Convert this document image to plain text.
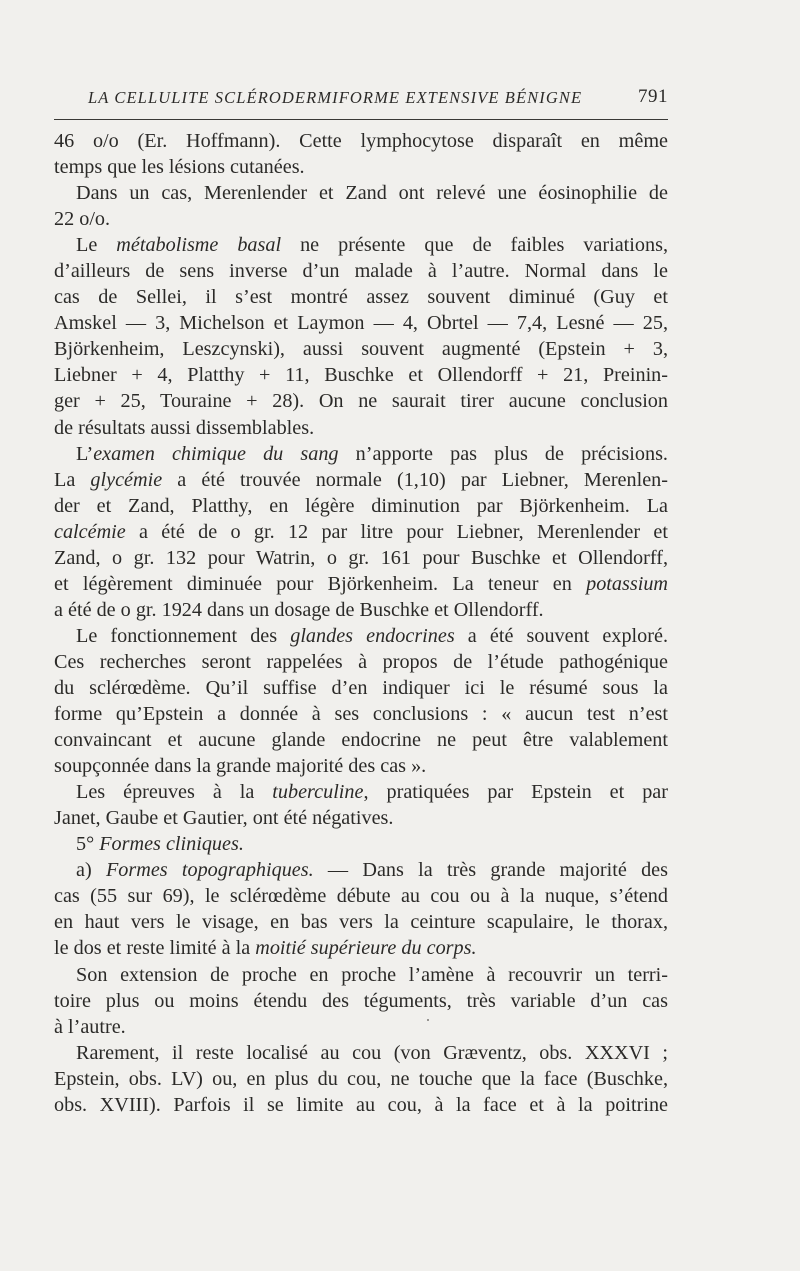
LA CELLULITE SCLÉRODERMIFORME EXTENSIVE BÉNIGNE	791
46 o/o (Er. Hoffmann). Cette lymphocytose disparaît en même
temps que les lésions cutanées.
Dans un cas, Merenlender et Zand ont relevé une éosinophilie de
22 o/o.
Le métabolisme basal ne présente que de faibles variations,
d’ailleurs de sens inverse d’un malade à l’autre. Normal dans le
cas de Sellei, il s’est montré assez souvent diminué (Guy et
Amskel — 3, Michelson et Laymon — 4, Obrtel — 7,4, Lesné — 25,
Björkenheim, Leszcynski), aussi souvent augmenté (Epstein + 3,
Liebner + 4, Platthy + 11, Buschke et Ollendorff + 21, Preinin-
ger + 25, Touraine + 28). On ne saurait tirer aucune conclusion
de résultats aussi dissemblables.
L’examen chimique du sang n’apporte pas plus de précisions.
La glycémie a été trouvée normale (1,10) par Liebner, Merenlen-
der et Zand, Platthy, en légère diminution par Björkenheim. La
calcémie a été de o gr. 12 par litre pour Liebner, Merenlender et
Zand, o gr. 132 pour Watrin, o gr. 161 pour Buschke et Ollendorff,
et légèrement diminuée pour Björkenheim. La teneur en potassium
a été de o gr. 1924 dans un dosage de Buschke et Ollendorff.
Le fonctionnement des glandes endocrines a été souvent exploré.
Ces recherches seront rappelées à propos de l’étude pathogénique
du sclérœdème. Qu’il suffise d’en indiquer ici le résumé sous la
forme qu’Epstein a donnée à ses conclusions : « aucun test n’est
convaincant et aucune glande endocrine ne peut être valablement
soupçonnée dans la grande majorité des cas ».
Les épreuves à la tuberculine, pratiquées par Epstein et par
Janet, Gaube et Gautier, ont été négatives.
5° Formes cliniques.
a) Formes topographiques. — Dans la très grande majorité des
cas (55 sur 69), le sclérœdème débute au cou ou à la nuque, s’étend
en haut vers le visage, en bas vers la ceinture scapulaire, le thorax,
le dos et reste limité à la moitié supérieure du corps.
Son extension de proche en proche l’amène à recouvrir un terri-
toire plus ou moins étendu des téguments, très variable d’un cas
à l’autre.
Rarement, il reste localisé au cou (von Græventz, obs. XXXVI ;
Epstein, obs. LV) ou, en plus du cou, ne touche que la face (Buschke,
obs. XVIII). Parfois il se limite au cou, à la face et à la poitrine
